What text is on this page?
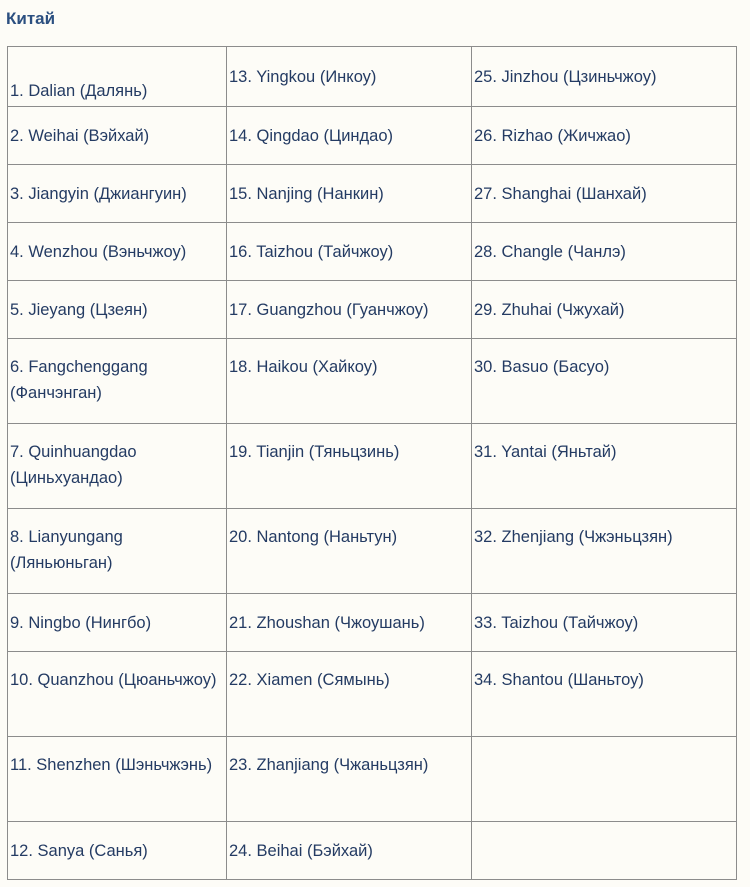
Китай
1. Dalian (Далянь)	13. Yingkou (Инкоу)	25. Jinzhou (Цзиньчжоу)
2. Weihai (Вэйхай)	14. Qingdao (Циндао)	26. Rizhao (Жичжао)
3. Jiangyin (Джиангуин)	15. Nanjing (Нанкин)	27. Shanghai (Шанхай)
4. Wenzhou (Вэньчжоу)	16. Taizhou (Тайчжоу)	28. Changle (Чанлэ)
5. Jieyang (Цзеян)	17. Guangzhou (Гуанчжоу)	29. Zhuhai (Чжухай)
6. Fangchenggang (Фанчэнган)	18. Haikou (Хайкоу)	30. Basuo (Басуо)
7. Quinhuangdao (Циньхуандао)	19. Tianjin (Тяньцзинь)	31. Yantai (Яньтай)
8. Lianyungang (Ляньюньган)	20. Nantong (Наньтун)	32. Zhenjiang (Чжэньцзян)
9. Ningbo (Нингбо)	21. Zhoushan (Чжоушань)	33. Taizhou (Тайчжоу)
10. Quanzhou (Цюаньчжоу)	22. Xiamen (Сямынь)	34. Shantou (Шаньтоу)
11. Shenzhen (Шэньчжэнь)	23. Zhanjiang (Чжаньцзян)	
12. Sanya (Санья)	24. Beihai (Бэйхай)	
